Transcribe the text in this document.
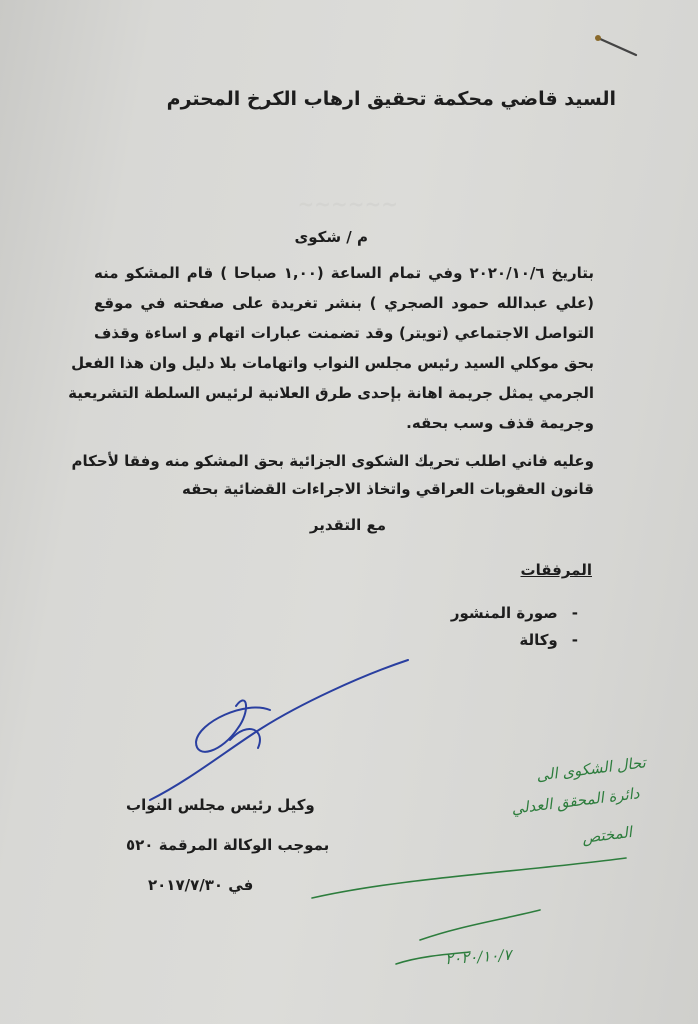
~~~~~~
السيد قاضي محكمة تحقيق ارهاب الكرخ المحترم
م / شكوى
بتاريخ ٢٠٢٠/١٠/٦ وفي تمام الساعة (١,٠٠ صباحا ) قام المشكو منه
(علي عبدالله حمود الصجري ) بنشر تغريدة على صفحته في موقع
التواصل الاجتماعي (تويتر) وقد تضمنت عبارات اتهام و اساءة وقذف
بحق موكلي السيد رئيس مجلس النواب واتهامات بلا دليل وان هذا الفعل
الجرمي يمثل جريمة اهانة بإحدى طرق العلانية لرئيس السلطة التشريعية
وجريمة قذف وسب بحقه.
وعليه فاني اطلب تحريك الشكوى الجزائية بحق المشكو منه وفقا لأحكام
قانون العقوبات العراقي واتخاذ الاجراءات القضائية بحقه
مع التقدير
المرفقات
-صورة المنشور
-وكالة
وكيل رئيس مجلس النواب
بموجب الوكالة المرقمة ٥٢٠
في ٢٠١٧/٧/٣٠
تحال الشكوى الى
دائرة المحقق العدلي
المختص
٢٠٢٠/١٠/٧
